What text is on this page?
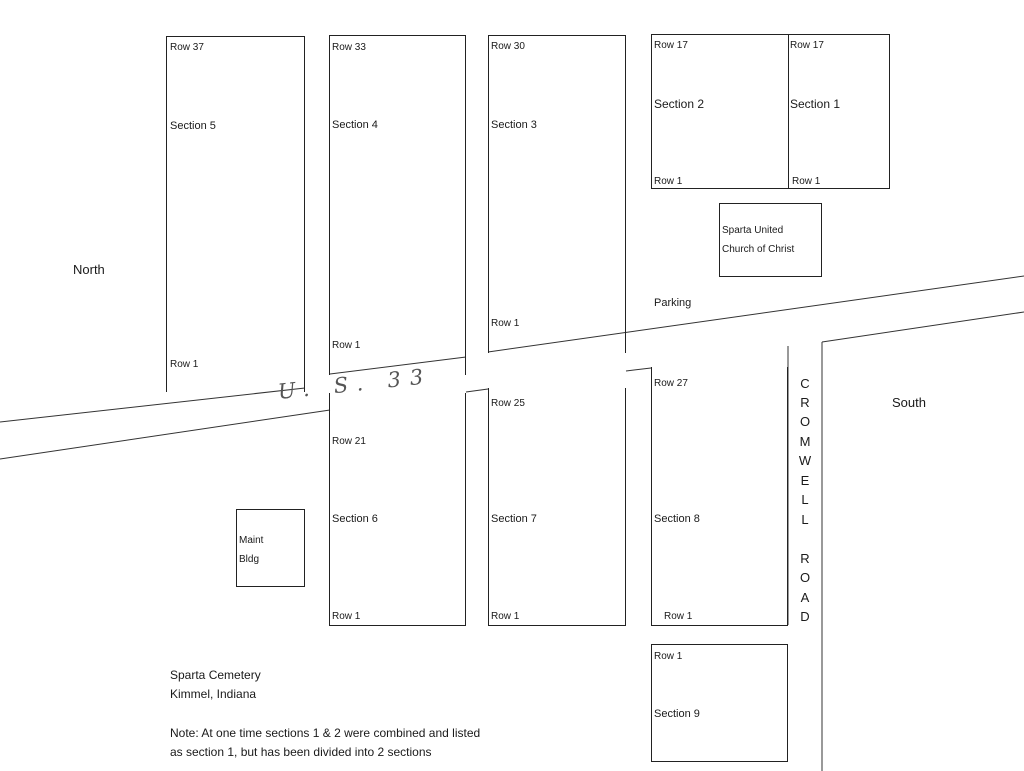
Row 37
Section 5
Row 1
Row 33
Section 4
Row 1
Row 30
Section 3
Row 1
Row 17
Section 2
Row 1
Row 17
Section 1
Row 1
Sparta United
Church of Christ
Parking
North
South
U. S. 33	C
R
O
M
W
E
L
L
R
O
A
D
Row 21
Section 6
Row 1
Row 25
Section 7
Row 1
Row 27
Section 8
Row 1
Row 1
Section 9
Maint
Bldg
Sparta Cemetery
Kimmel, Indiana
Note: At one time sections 1 & 2 were combined and listed
as section 1, but has been divided into 2 sections
